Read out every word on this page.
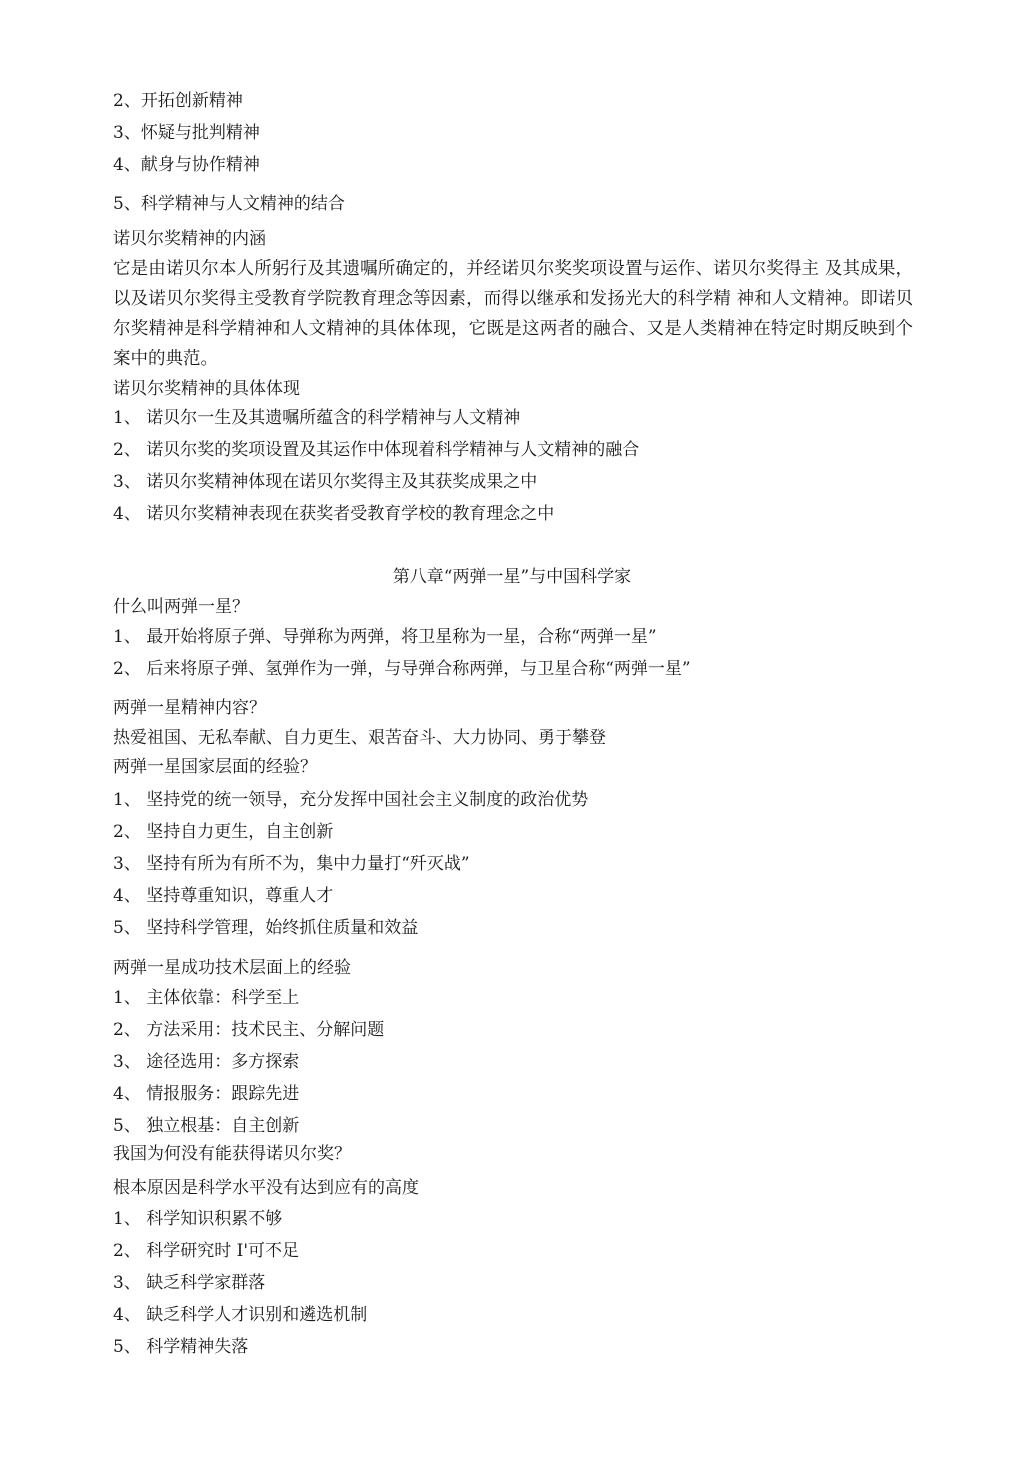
2、开拓创新精神
3、怀疑与批判精神
4、献身与协作精神
5、科学精神与人文精神的结合
诺贝尔奖精神的内涵
它是由诺贝尔本人所躬行及其遗嘱所确定的，并经诺贝尔奖奖项设置与运作、诺贝尔奖得主 及其成果，以及诺贝尔奖得主受教育学院教育理念等因素，而得以继承和发扬光大的科学精 神和人文精神。即诺贝尔奖精神是科学精神和人文精神的具体体现，它既是这两者的融合、又是人类精神在特定时期反映到个案中的典范。
诺贝尔奖精神的具体体现
1、 诺贝尔一生及其遗嘱所蕴含的科学精神与人文精神
2、 诺贝尔奖的奖项设置及其运作中体现着科学精神与人文精神的融合
3、 诺贝尔奖精神体现在诺贝尔奖得主及其获奖成果之中
4、 诺贝尔奖精神表现在获奖者受教育学校的教育理念之中
第八章“两弹一星”与中国科学家
什么叫两弹一星？
1、 最开始将原子弹、导弹称为两弹，将卫星称为一星，合称“两弹一星”
2、 后来将原子弹、氢弹作为一弹，与导弹合称两弹，与卫星合称“两弹一星”
两弹一星精神内容？
热爱祖国、无私奉献、自力更生、艰苦奋斗、大力协同、勇于攀登
两弹一星国家层面的经验？
1、 坚持党的统一领导，充分发挥中国社会主义制度的政治优势
2、 坚持自力更生，自主创新
3、 坚持有所为有所不为，集中力量打“歼灭战”
4、 坚持尊重知识，尊重人才
5、 坚持科学管理，始终抓住质量和效益
两弹一星成功技术层面上的经验
1、 主体依靠：科学至上
2、 方法采用：技术民主、分解问题
3、 途径选用：多方探索
4、 情报服务：跟踪先进
5、 独立根基：自主创新
我国为何没有能获得诺贝尔奖？
根本原因是科学水平没有达到应有的高度
1、 科学知识积累不够
2、 科学研究时 I'可不足
3、 缺乏科学家群落
4、 缺乏科学人才识别和遴选机制
5、 科学精神失落
